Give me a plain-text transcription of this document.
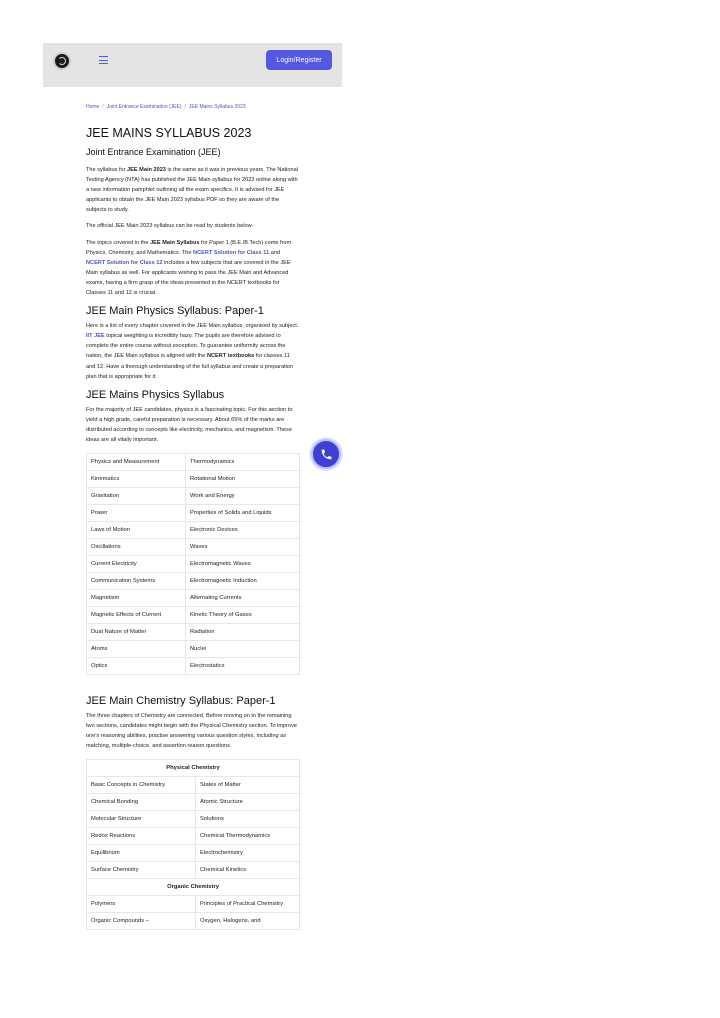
Login/Register
Home / Joint Entrance Examination (JEE) / JEE Mains Syllabus 2023
JEE MAINS SYLLABUS 2023
Joint Entrance Examination (JEE)

The syllabus for JEE Main 2023 is the same as it was in previous years. The National Testing Agency (NTA) has published the JEE Main syllabus for 2023 online along with a new information pamphlet outlining all the exam specifics. It is advised for JEE applicants to obtain the JEE Main 2023 syllabus PDF so they are aware of the subjects to study.

The official JEE Main 2023 syllabus can be read by students below-

The topics covered in the JEE Main Syllabus for Paper 1 (B.E./B.Tech) come from Physics, Chemistry, and Mathematics. The NCERT Solution for Class 11 and NCERT Solution for Class 12 includes a few subjects that are covered in the JEE Main syllabus as well. For applicants wishing to pass the JEE Main and Advanced exams, having a firm grasp of the ideas presented in the NCERT textbooks for Classes 11 and 12 is crucial.

JEE Main Physics Syllabus: Paper-1

Here is a list of every chapter covered in the JEE Main syllabus, organised by subject. IIT JEE topical weighting is incredibly hazy. The pupils are therefore advised to complete the entire course without exception. To guarantee uniformity across the nation, the JEE Main syllabus is aligned with the NCERT textbooks for classes 11 and 12. Have a thorough understanding of the full syllabus and create a preparation plan that is appropriate for it.

JEE Mains Physics Syllabus

For the majority of JEE candidates, physics is a fascinating topic. For this section to yield a high grade, careful preparation is necessary. About 65% of the marks are distributed according to concepts like electricity, mechanics, and magnetism. These ideas are all vitally important.

Physics and Measurement	Thermodynamics
Kinematics	Rotational Motion
Gravitation	Work and Energy
Power	Properties of Solids and Liquids
Laws of Motion	Electronic Devices
Oscillations	Waves
Current Electricity	Electromagnetic Waves
Communication Systems	Electromagnetic Induction
Magnetism	Alternating Currents
Magnetic Effects of Current	Kinetic Theory of Gases
Dual Nature of Matter	Radiation
Atoms	Nuclei
Optics	Electrostatics
JEE Main Chemistry Syllabus: Paper-1

The three chapters of Chemistry are connected. Before moving on to the remaining two sections, candidates might begin with the Physical Chemistry section. To improve one's reasoning abilities, practise answering various question styles, including as matching, multiple-choice, and assertion reason questions.

Physical Chemistry	
Basic Concepts in Chemistry	States of Matter
Chemical Bonding	Atomic Structure
Molecular Structure	Solutions
Redox Reactions	Chemical Thermodynamics
Equilibrium	Electrochemistry
Surface Chemistry	Chemical Kinetics
Organic Chemistry	
Polymers	Principles of Practical Chemistry
Organic Compounds –	Oxygen, Halogens, and
